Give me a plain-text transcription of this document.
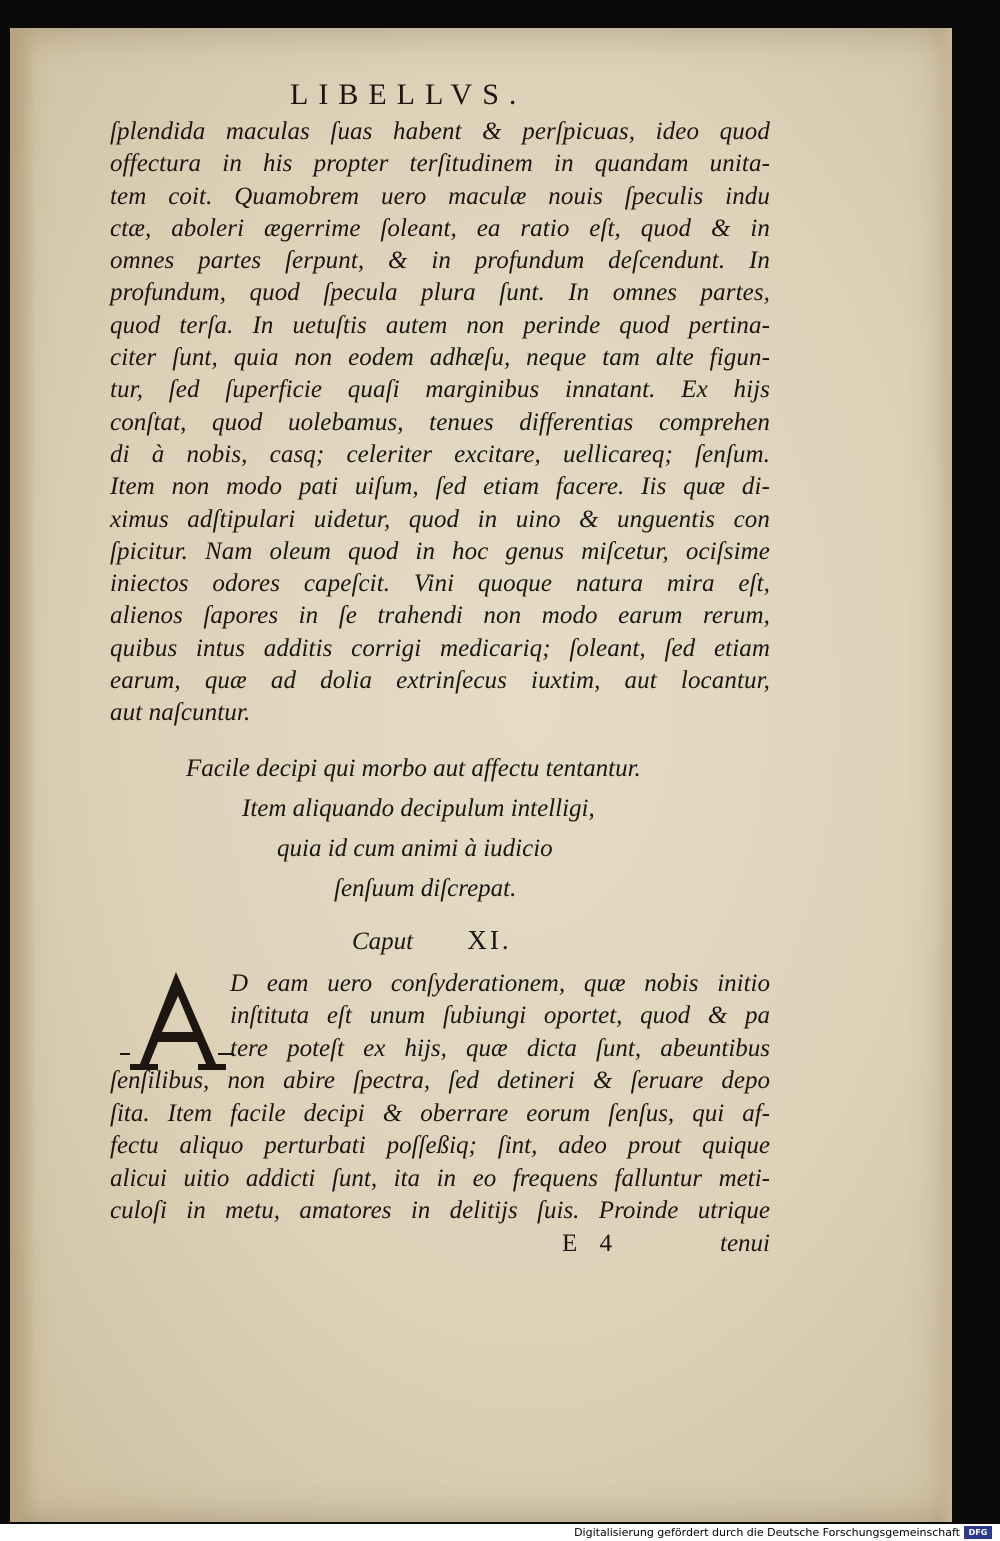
LIBELLVS.
ſplendida maculas ſuas habent & perſpicuas, ideo quod
offectura in his propter terſitudinem in quandam unita-
tem coit. Quamobrem uero maculæ nouis ſpeculis indu
ctæ, aboleri ægerrime ſoleant, ea ratio eſt, quod & in
omnes partes ſerpunt, & in profundum deſcendunt. In
profundum, quod ſpecula plura ſunt. In omnes partes,
quod terſa. In uetuſtis autem non perinde quod pertina-
citer ſunt, quia non eodem adhæſu, neque tam alte figun-
tur, ſed ſuperficie quaſi marginibus innatant. Ex hijs
conſtat, quod uolebamus, tenues differentias comprehen
di à nobis, casq; celeriter excitare, uellicareq; ſenſum.
Item non modo pati uiſum, ſed etiam facere. Iis quæ di-
ximus adſtipulari uidetur, quod in uino & unguentis con
ſpicitur. Nam oleum quod in hoc genus miſcetur, ociſsime
iniectos odores capeſcit. Vini quoque natura mira eſt,
alienos ſapores in ſe trahendi non modo earum rerum,
quibus intus additis corrigi medicariq; ſoleant, ſed etiam
earum, quæ ad dolia extrinſecus iuxtim, aut locantur,
aut naſcuntur.
Facile decipi qui morbo aut affectu tentantur.
Item aliquando decipulum intelligi,
quia id cum animi à iudicio
ſenſuum diſcrepat.
Caput XI.
D eam uero conſyderationem, quæ nobis initio
inſtituta eſt unum ſubiungi oportet, quod & pa
tere poteſt ex hijs, quæ dicta ſunt, abeuntibus
ſenſilibus, non abire ſpectra, ſed detineri & ſeruare depo
ſita. Item facile decipi & oberrare eorum ſenſus, qui af-
fectu aliquo perturbati poſſeßiq; ſint, adeo prout quique
alicui uitio addicti ſunt, ita in eo frequens falluntur meti-
culoſi in metu, amatores in delitijs ſuis. Proinde utrique
E 4	tenui
Digitalisierung gefördert durch die Deutsche Forschungsgemeinschaft	DFG
